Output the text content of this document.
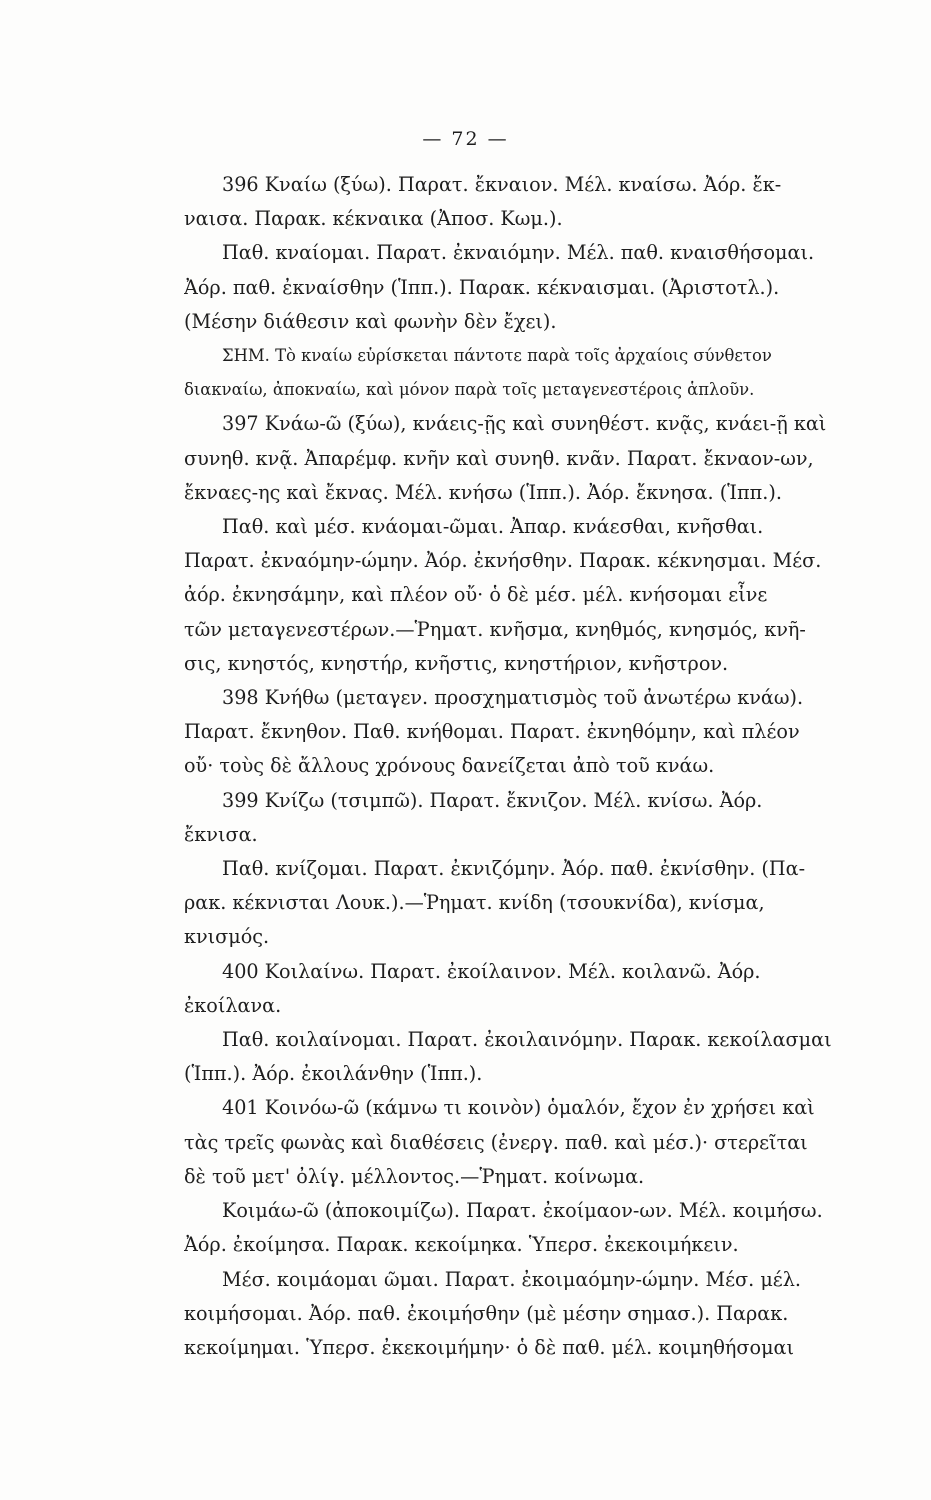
— 72 —
396 Κναίω (ξύω). Παρατ. ἔκναιον. Μέλ. κναίσω. Ἀόρ. ἔκ-
ναισα. Παρακ. κέκναικα (Ἀποσ. Κωμ.).
Παθ. κναίομαι. Παρατ. ἐκναιόμην. Μέλ. παθ. κναισθήσομαι.
Ἀόρ. παθ. ἐκναίσθην (Ἱππ.). Παρακ. κέκναισμαι. (Ἀριστοτλ.).
(Μέσην διάθεσιν καὶ φωνὴν δὲν ἔχει).
ΣΗΜ. Τὸ κναίω εὑρίσκεται πάντοτε παρὰ τοῖς ἀρχαίοις σύνθετον
διακναίω, ἀποκναίω, καὶ μόνον παρὰ τοῖς μεταγενεστέροις ἁπλοῦν.
397 Κνάω-ῶ (ξύω), κνάεις-ῇς καὶ συνηθέστ. κνᾷς, κνάει-ῇ καὶ
συνηθ. κνᾷ. Ἀπαρέμφ. κνῆν καὶ συνηθ. κνᾶν. Παρατ. ἔκναον-ων,
ἔκναες-ης καὶ ἔκνας. Μέλ. κνήσω (Ἱππ.). Ἀόρ. ἔκνησα. (Ἱππ.).
Παθ. καὶ μέσ. κνάομαι-ῶμαι. Ἀπαρ. κνάεσθαι, κνῆσθαι.
Παρατ. ἐκναόμην-ώμην. Ἀόρ. ἐκνήσθην. Παρακ. κέκνησμαι. Μέσ.
ἀόρ. ἐκνησάμην, καὶ πλέον οὔ· ὁ δὲ μέσ. μέλ. κνήσομαι εἶνε
τῶν μεταγενεστέρων.—Ῥηματ. κνῆσμα, κνηθμός, κνησμός, κνῆ-
σις, κνηστός, κνηστήρ, κνῆστις, κνηστήριον, κνῆστρον.
398 Κνήθω (μεταγεν. προσχηματισμὸς τοῦ ἀνωτέρω κνάω).
Παρατ. ἔκνηθον. Παθ. κνήθομαι. Παρατ. ἐκνηθόμην, καὶ πλέον
οὔ· τοὺς δὲ ἄλλους χρόνους δανείζεται ἀπὸ τοῦ κνάω.
399 Κνίζω (τσιμπῶ). Παρατ. ἔκνιζον. Μέλ. κνίσω. Ἀόρ.
ἔκνισα.
Παθ. κνίζομαι. Παρατ. ἐκνιζόμην. Ἀόρ. παθ. ἐκνίσθην. (Πα-
ρακ. κέκνισται Λουκ.).—Ῥηματ. κνίδη (τσουκνίδα), κνίσμα,
κνισμός.
400 Κοιλαίνω. Παρατ. ἐκοίλαινον. Μέλ. κοιλανῶ. Ἀόρ.
ἐκοίλανα.
Παθ. κοιλαίνομαι. Παρατ. ἐκοιλαινόμην. Παρακ. κεκοίλασμαι
(Ἱππ.). Ἀόρ. ἐκοιλάνθην (Ἱππ.).
401 Κοινόω-ῶ (κάμνω τι κοινὸν) ὁμαλόν, ἔχον ἐν χρήσει καὶ
τὰς τρεῖς φωνὰς καὶ διαθέσεις (ἐνεργ. παθ. καὶ μέσ.)· στερεῖται
δὲ τοῦ μετ' ὀλίγ. μέλλοντος.—Ῥηματ. κοίνωμα.
Κοιμάω-ῶ (ἀποκοιμίζω). Παρατ. ἐκοίμαον-ων. Μέλ. κοιμήσω.
Ἀόρ. ἐκοίμησα. Παρακ. κεκοίμηκα. Ὑπερσ. ἐκεκοιμήκειν.
Μέσ. κοιμάομαι ῶμαι. Παρατ. ἐκοιμαόμην-ώμην. Μέσ. μέλ.
κοιμήσομαι. Ἀόρ. παθ. ἐκοιμήσθην (μὲ μέσην σημασ.). Παρακ.
κεκοίμημαι. Ὑπερσ. ἐκεκοιμήμην· ὁ δὲ παθ. μέλ. κοιμηθήσομαι
